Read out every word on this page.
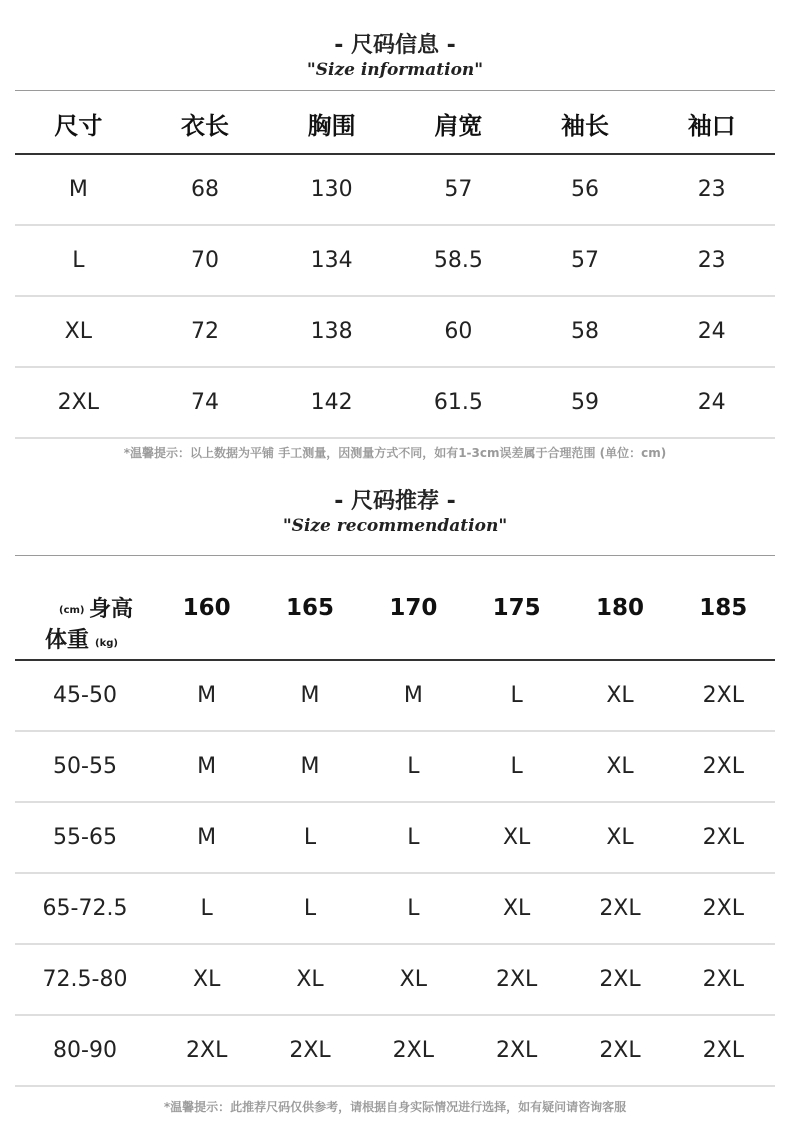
- 尺码信息 -
"Size information"
尺寸	衣长	胸围	肩宽	袖长	袖口
M	68	130	57	56	23
L	70	134	58.5	57	23
XL	72	138	60	58	24
2XL	74	142	61.5	59	24
*温馨提示：以上数据为平铺 手工测量，因测量方式不同，如有1-3cm误差属于合理范围 (单位：cm)
- 尺码推荐 -
"Size recommendation"
(cm) 身高
体重 (kg)
160	165	170	175	180	185
45-50	M	M	M	L	XL	2XL
50-55	M	M	L	L	XL	2XL
55-65	M	L	L	XL	XL	2XL
65-72.5	L	L	L	XL	2XL	2XL
72.5-80	XL	XL	XL	2XL	2XL	2XL
80-90	2XL	2XL	2XL	2XL	2XL	2XL
*温馨提示：此推荐尺码仅供参考，请根据自身实际情况进行选择，如有疑问请咨询客服
